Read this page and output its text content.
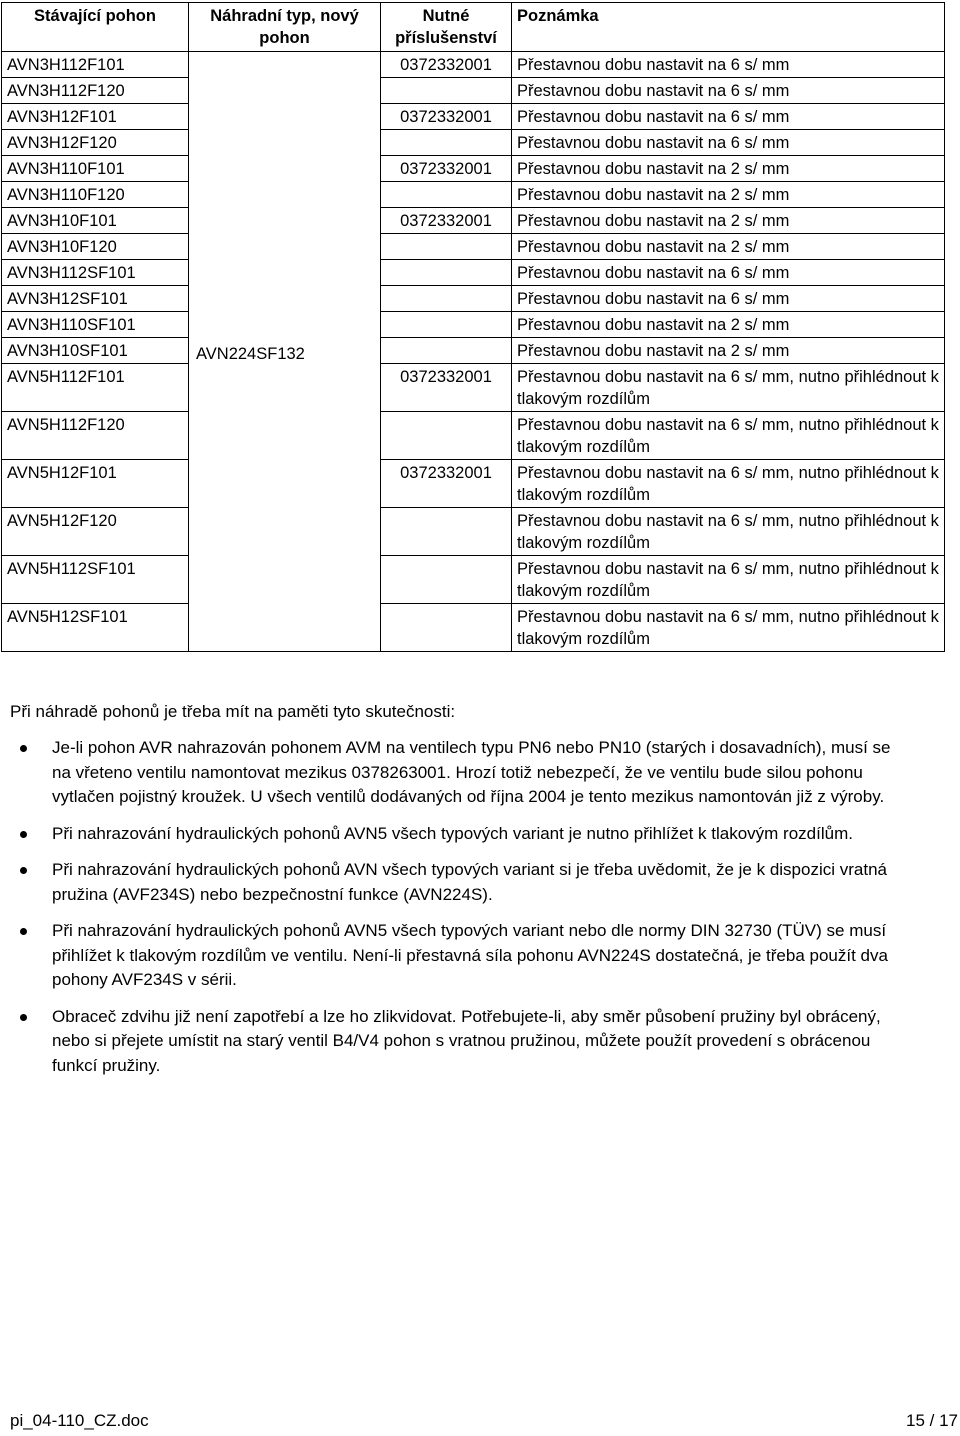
Stávající pohon	Náhradní typ, nový pohon	Nutné příslušenství	Poznámka
AVN3H112F101	AVN224SF132	0372332001	Přestavnou dobu nastavit na 6 s/ mm
AVN3H112F120			Přestavnou dobu nastavit na 6 s/ mm
AVN3H12F101		0372332001	Přestavnou dobu nastavit na 6 s/ mm
AVN3H12F120			Přestavnou dobu nastavit na 6 s/ mm
AVN3H110F101		0372332001	Přestavnou dobu nastavit na 2 s/ mm
AVN3H110F120			Přestavnou dobu nastavit na 2 s/ mm
AVN3H10F101		0372332001	Přestavnou dobu nastavit na 2 s/ mm
AVN3H10F120			Přestavnou dobu nastavit na 2 s/ mm
AVN3H112SF101			Přestavnou dobu nastavit na 6 s/ mm
AVN3H12SF101			Přestavnou dobu nastavit na 6 s/ mm
AVN3H110SF101			Přestavnou dobu nastavit na 2 s/ mm
AVN3H10SF101			Přestavnou dobu nastavit na 2 s/ mm
AVN5H112F101		0372332001	Přestavnou dobu nastavit na 6 s/ mm, nutno přihlédnout k tlakovým rozdílům
AVN5H112F120			Přestavnou dobu nastavit na 6 s/ mm, nutno přihlédnout k tlakovým rozdílům
AVN5H12F101		0372332001	Přestavnou dobu nastavit na 6 s/ mm, nutno přihlédnout k tlakovým rozdílům
AVN5H12F120			Přestavnou dobu nastavit na 6 s/ mm, nutno přihlédnout k tlakovým rozdílům
AVN5H112SF101			Přestavnou dobu nastavit na 6 s/ mm, nutno přihlédnout k tlakovým rozdílům
AVN5H12SF101			Přestavnou dobu nastavit na 6 s/ mm, nutno přihlédnout k tlakovým rozdílům

Při náhradě pohonů je třeba mít na paměti tyto skutečnosti:

Je-li pohon AVR nahrazován pohonem AVM na ventilech typu PN6 nebo PN10 (starých i dosavadních), musí se na vřeteno ventilu namontovat mezikus 0378263001. Hrozí totiž nebezpečí, že ve ventilu bude silou pohonu vytlačen pojistný kroužek. U všech ventilů dodávaných od října 2004 je tento mezikus namontován již z výroby.
Při nahrazování hydraulických pohonů AVN5 všech typových variant je nutno přihlížet k tlakovým rozdílům.
Při nahrazování hydraulických pohonů AVN všech typových variant si je třeba uvědomit, že je k dispozici vratná pružina (AVF234S) nebo bezpečnostní funkce (AVN224S).
Při nahrazování hydraulických pohonů AVN5 všech typových variant nebo dle normy DIN 32730 (TÜV) se musí přihlížet k tlakovým rozdílům ve ventilu. Není-li přestavná síla pohonu AVN224S dostatečná, je třeba použít dva pohony AVF234S v sérii.
Obraceč zdvihu již není zapotřebí a lze ho zlikvidovat. Potřebujete-li, aby směr působení pružiny byl obrácený, nebo si přejete umístit na starý ventil B4/V4 pohon s vratnou pružinou, můžete použít provedení s obrácenou funkcí pružiny.
pi_04-110_CZ.doc	15 / 17
